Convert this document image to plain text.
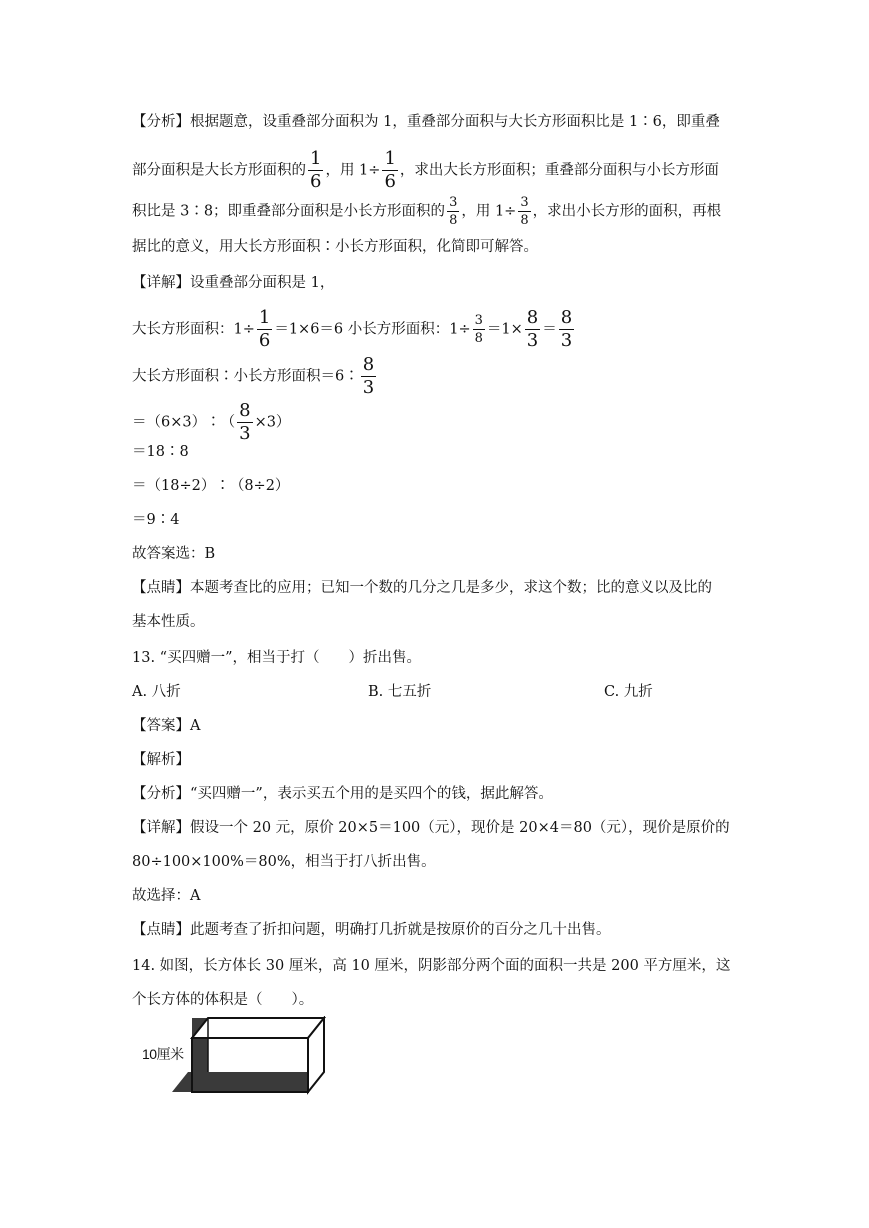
【分析】根据题意，设重叠部分面积为 1，重叠部分面积与大长方形面积比是 1∶6，即重叠
部分面积是大长方形面积的 $\frac{1}{6}$ ，用 $1\div \frac{1}{6}$ ，求出大长方形面积；重叠部分面积与小长方形面
积比是 3∶8；即重叠部分面积是小长方形面积的 $\frac{3}{8}$ ，用 $1\div \frac{3}{8}$ ，求出小长方形的面积，再根
据比的意义，用大长方形面积∶小长方形面积，化简即可解答。
【详解】设重叠部分面积是 1，
大长方形面积：$1\div \frac{1}{6} =1\times 6=6$ 小长方形面积：$1\div \frac{3}{8} =1\times \frac{8}{3} = \frac{8}{3}$
大长方形面积∶小长方形面积＝6∶ $\frac{8}{3}$
＝（6×3）∶（ $\frac{8}{3} \times 3$）
＝18∶8
＝（18÷2）∶（8÷2）
＝9∶4
故答案选：B
【点睛】本题考查比的应用；已知一个数的几分之几是多少，求这个数；比的意义以及比的
基本性质。
13. “买四赠一”，相当于打（　　）折出售。
A. 八折	B. 七五折	C. 九折
【答案】A
【解析】
【分析】“买四赠一”，表示买五个用的是买四个的钱，据此解答。
【详解】假设一个 20 元，原价 20×5＝100（元），现价是 20×4＝80（元），现价是原价的
80÷100×100%＝80%，相当于打八折出售。
故选择：A
【点睛】此题考查了折扣问题，明确打几折就是按原价的百分之几十出售。
14. 如图，长方体长 30 厘米，高 10 厘米，阴影部分两个面的面积一共是 200 平方厘米，这
个长方体的体积是（　　）。
10厘米
